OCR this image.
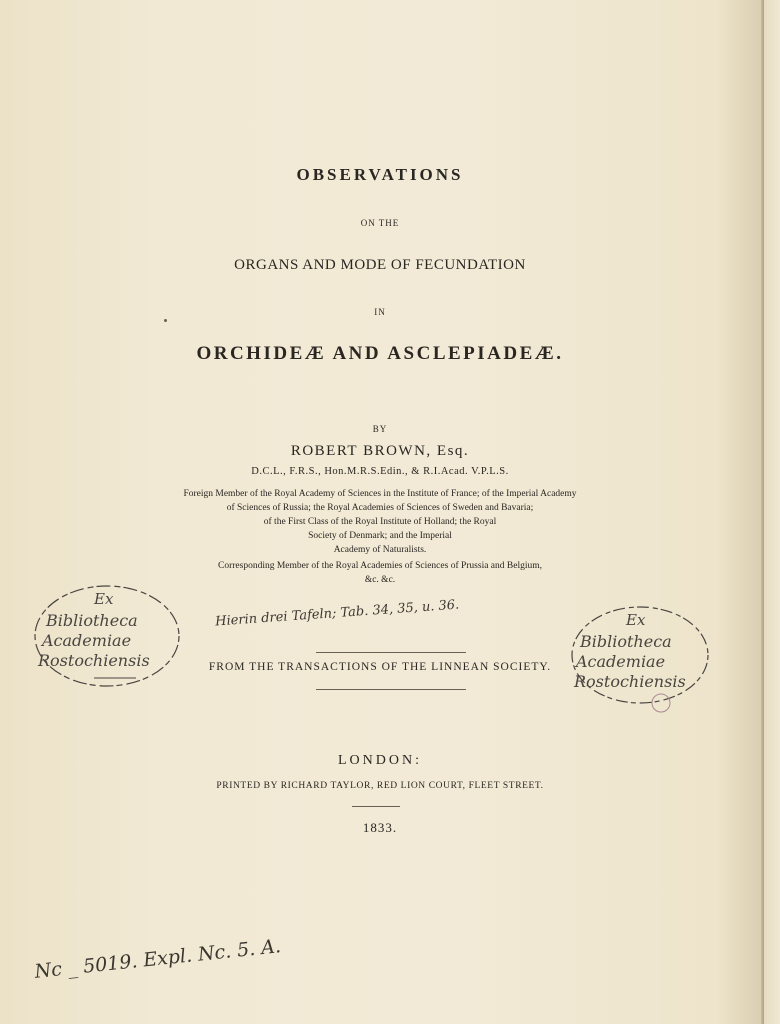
OBSERVATIONS
ON THE
ORGANS AND MODE OF FECUNDATION
IN
ORCHIDEÆ AND ASCLEPIADEÆ.
BY
ROBERT BROWN, Esq.
D.C.L., F.R.S., Hon.M.R.S.Edin., & R.I.Acad. V.P.L.S.
Foreign Member of the Royal Academy of Sciences in the Institute of France; of the Imperial Academy
of Sciences of Russia; the Royal Academies of Sciences of Sweden and Bavaria;
of the First Class of the Royal Institute of Holland; the Royal
Society of Denmark; and the Imperial
Academy of Naturalists.
Corresponding Member of the Royal Academies of Sciences of Prussia and Belgium,
&c. &c.
Hierin drei Tafeln; Tab. 34, 35, u. 36.
FROM THE TRANSACTIONS OF THE LINNEAN SOCIETY.
LONDON:
PRINTED BY RICHARD TAYLOR, RED LION COURT, FLEET STREET.
1833.
Nc _ 5019. Expl. Nc. 5. A.
Ex
Bibliotheca
Academiae
Rostochiensis
Ex
Bibliotheca
Academiae
Rostochiensis
